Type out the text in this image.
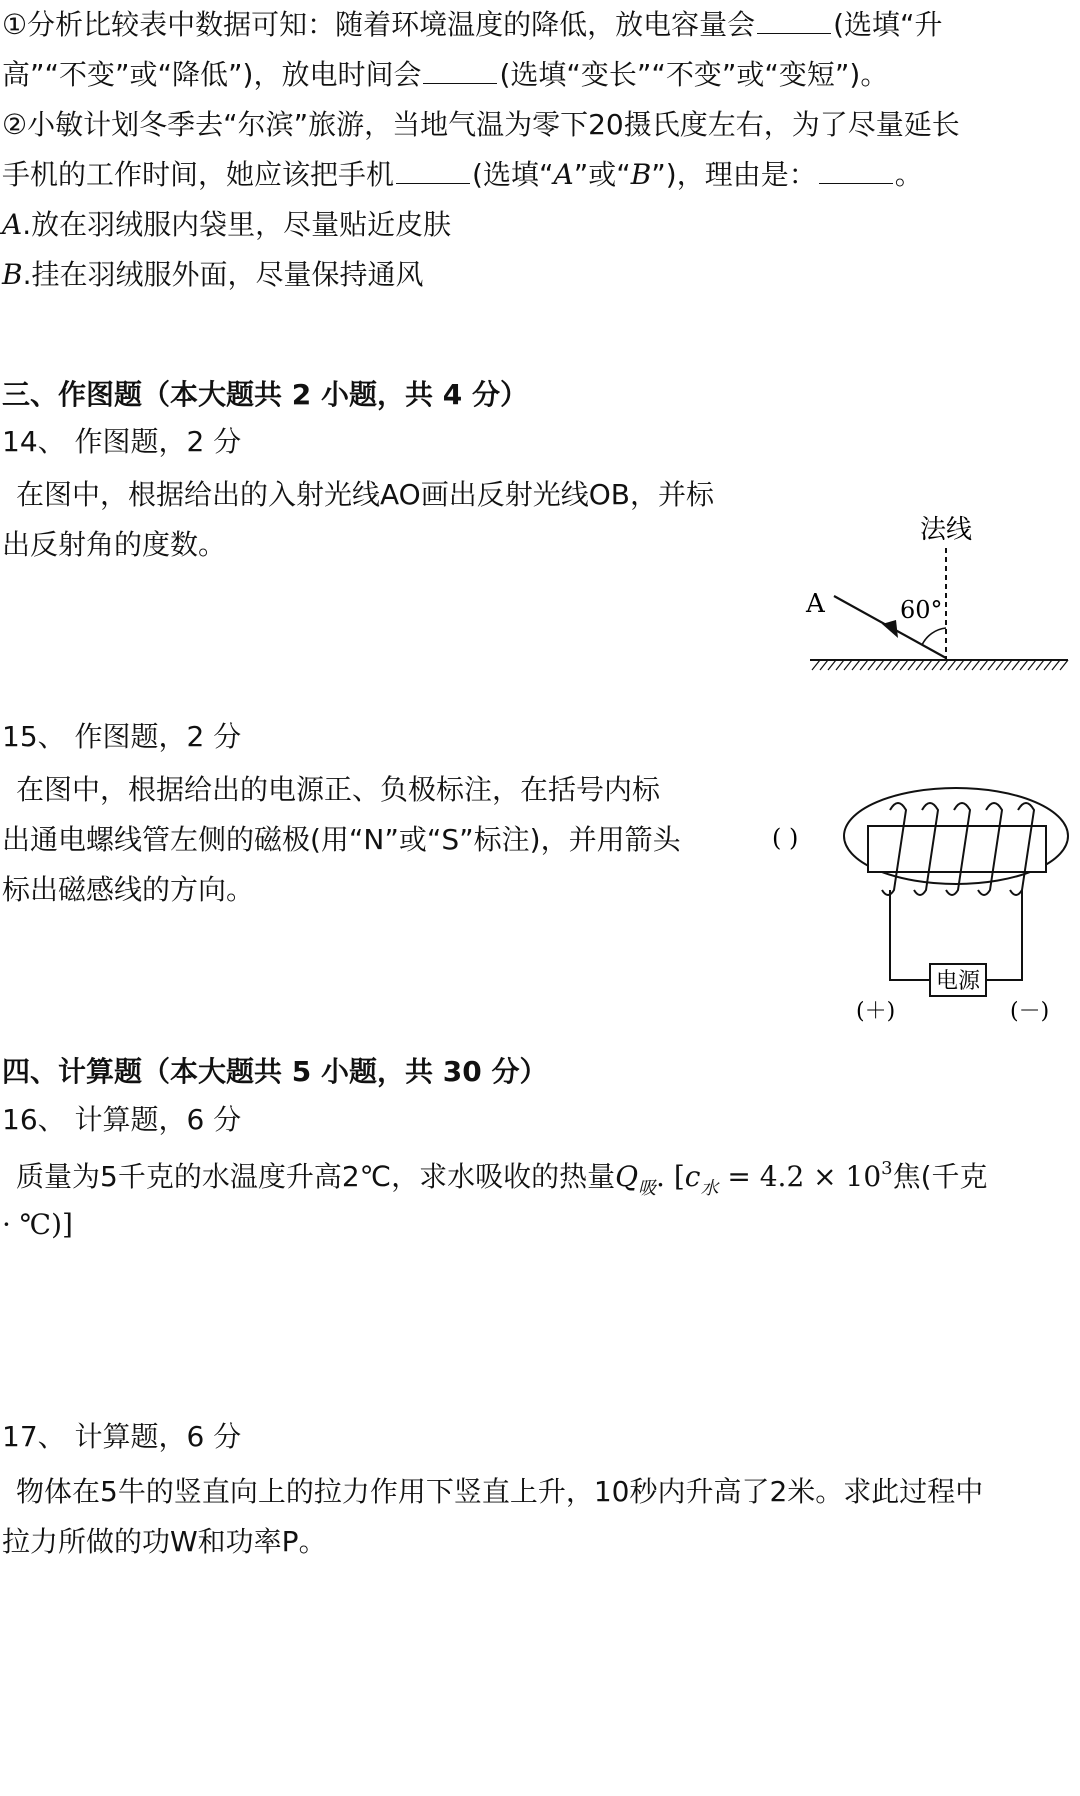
①分析比较表中数据可知：随着环境温度的降低，放电容量会	(选填“升
高”“不变”或“降低”)，放电时间会	(选填“变长”“不变”或“变短”)。
②小敏计划冬季去“尔滨”旅游，当地气温为零下20摄氏度左右，为了尽量延长
手机的工作时间，她应该把手机	(选填“A”或“B”)，理由是：	。
A.放在羽绒服内袋里，尽量贴近皮肤
B.挂在羽绒服外面，尽量保持通风
三、作图题（本大题共 2 小题，共 4 分）
14、 作图题，2 分
在图中，根据给出的入射光线AO画出反射光线OB，并标
出反射角的度数。	法线
A	60°
15、 作图题，2 分
在图中，根据给出的电源正、负极标注，在括号内标
出通电螺线管左侧的磁极(用“N”或“S”标注)，并用箭头
标出磁感线的方向。
( )
电源
(＋)	(－)
四、计算题（本大题共 5 小题，共 30 分）
16、 计算题，6 分
质量为5千克的水温度升高2℃，求水吸收的热量$Q_吸$. [$c_水 = 4.2 \times 10^3$焦(千克
· ℃)]
17、 计算题，6 分
物体在5牛的竖直向上的拉力作用下竖直上升，10秒内升高了2米。求此过程中
拉力所做的功W和功率P。
